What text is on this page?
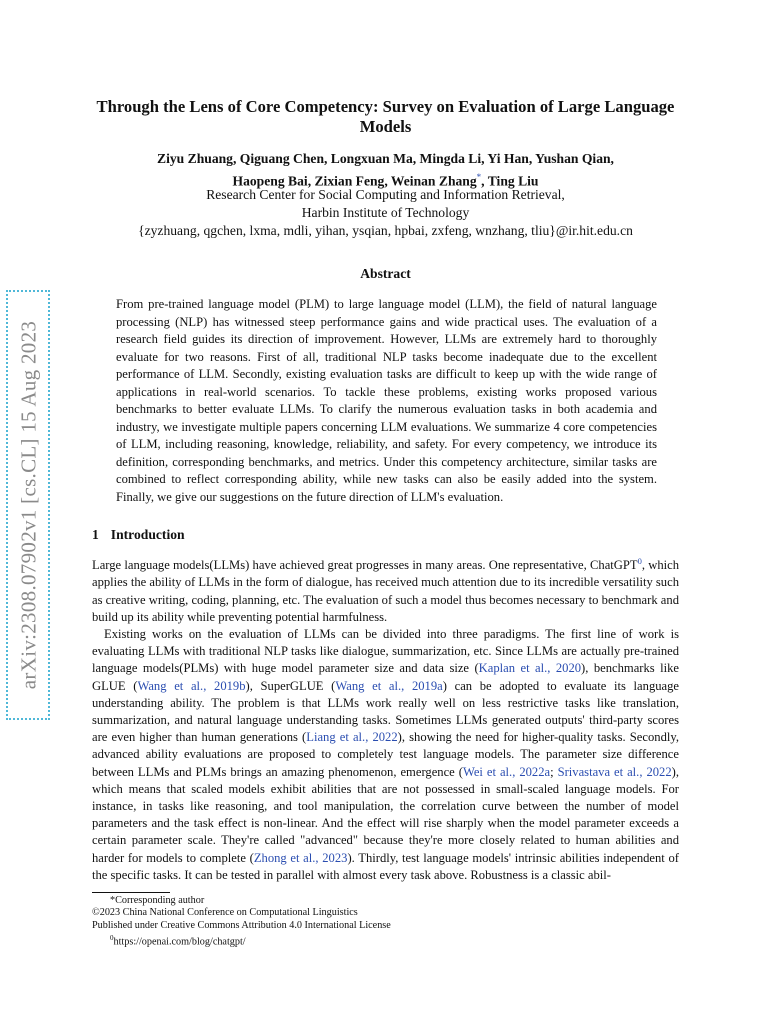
arXiv:2308.07902v1 [cs.CL] 15 Aug 2023
Through the Lens of Core Competency: Survey on Evaluation of Large Language Models
Ziyu Zhuang, Qiguang Chen, Longxuan Ma, Mingda Li, Yi Han, Yushan Qian,
Haopeng Bai, Zixian Feng, Weinan Zhang*, Ting Liu
Research Center for Social Computing and Information Retrieval,
Harbin Institute of Technology
{zyzhuang, qgchen, lxma, mdli, yihan, ysqian, hpbai, zxfeng, wnzhang, tliu}@ir.hit.edu.cn
Abstract
From pre-trained language model (PLM) to large language model (LLM), the field of natural language processing (NLP) has witnessed steep performance gains and wide practical uses. The evaluation of a research field guides its direction of improvement. However, LLMs are extremely hard to thoroughly evaluate for two reasons. First of all, traditional NLP tasks become inadequate due to the excellent performance of LLM. Secondly, existing evaluation tasks are difficult to keep up with the wide range of applications in real-world scenarios. To tackle these problems, existing works proposed various benchmarks to better evaluate LLMs. To clarify the numerous evaluation tasks in both academia and industry, we investigate multiple papers concerning LLM evaluations. We summarize 4 core competencies of LLM, including reasoning, knowledge, reliability, and safety. For every competency, we introduce its definition, corresponding benchmarks, and metrics. Under this competency architecture, similar tasks are combined to reflect corresponding ability, while new tasks can also be easily added into the system. Finally, we give our suggestions on the future direction of LLM's evaluation.
1 Introduction

Large language models(LLMs) have achieved great progresses in many areas. One representative, ChatGPT$^0$, which applies the ability of LLMs in the form of dialogue, has received much attention due to its incredible versatility such as creative writing, coding, planning, etc. The evaluation of such a model thus becomes necessary to benchmark and build up its ability while preventing potential harmfulness.

Existing works on the evaluation of LLMs can be divided into three paradigms. The first line of work is evaluating LLMs with traditional NLP tasks like dialogue, summarization, etc. Since LLMs are actually pre-trained language models(PLMs) with huge model parameter size and data size (Kaplan et al., 2020), benchmarks like GLUE (Wang et al., 2019b), SuperGLUE (Wang et al., 2019a) can be adopted to evaluate its language understanding ability. The problem is that LLMs work really well on less restrictive tasks like translation, summarization, and natural language understanding tasks. Sometimes LLMs generated outputs' third-party scores are even higher than human generations (Liang et al., 2022), showing the need for higher-quality tasks. Secondly, advanced ability evaluations are proposed to completely test language models. The parameter size difference between LLMs and PLMs brings an amazing phenomenon, emergence (Wei et al., 2022a; Srivastava et al., 2022), which means that scaled models exhibit abilities that are not possessed in small-scaled language models. For instance, in tasks like reasoning, and tool manipulation, the correlation curve between the number of model parameters and the task effect is non-linear. And the effect will rise sharply when the model parameter exceeds a certain parameter scale. They're called "advanced" because they're more closely related to human abilities and harder for models to complete (Zhong et al., 2023). Thirdly, test language models' intrinsic abilities independent of the specific tasks. It can be tested in parallel with almost every task above. Robustness is a classic abil-

*Corresponding author
©2023 China National Conference on Computational Linguistics
Published under Creative Commons Attribution 4.0 International License
$^0$https://openai.com/blog/chatgpt/
